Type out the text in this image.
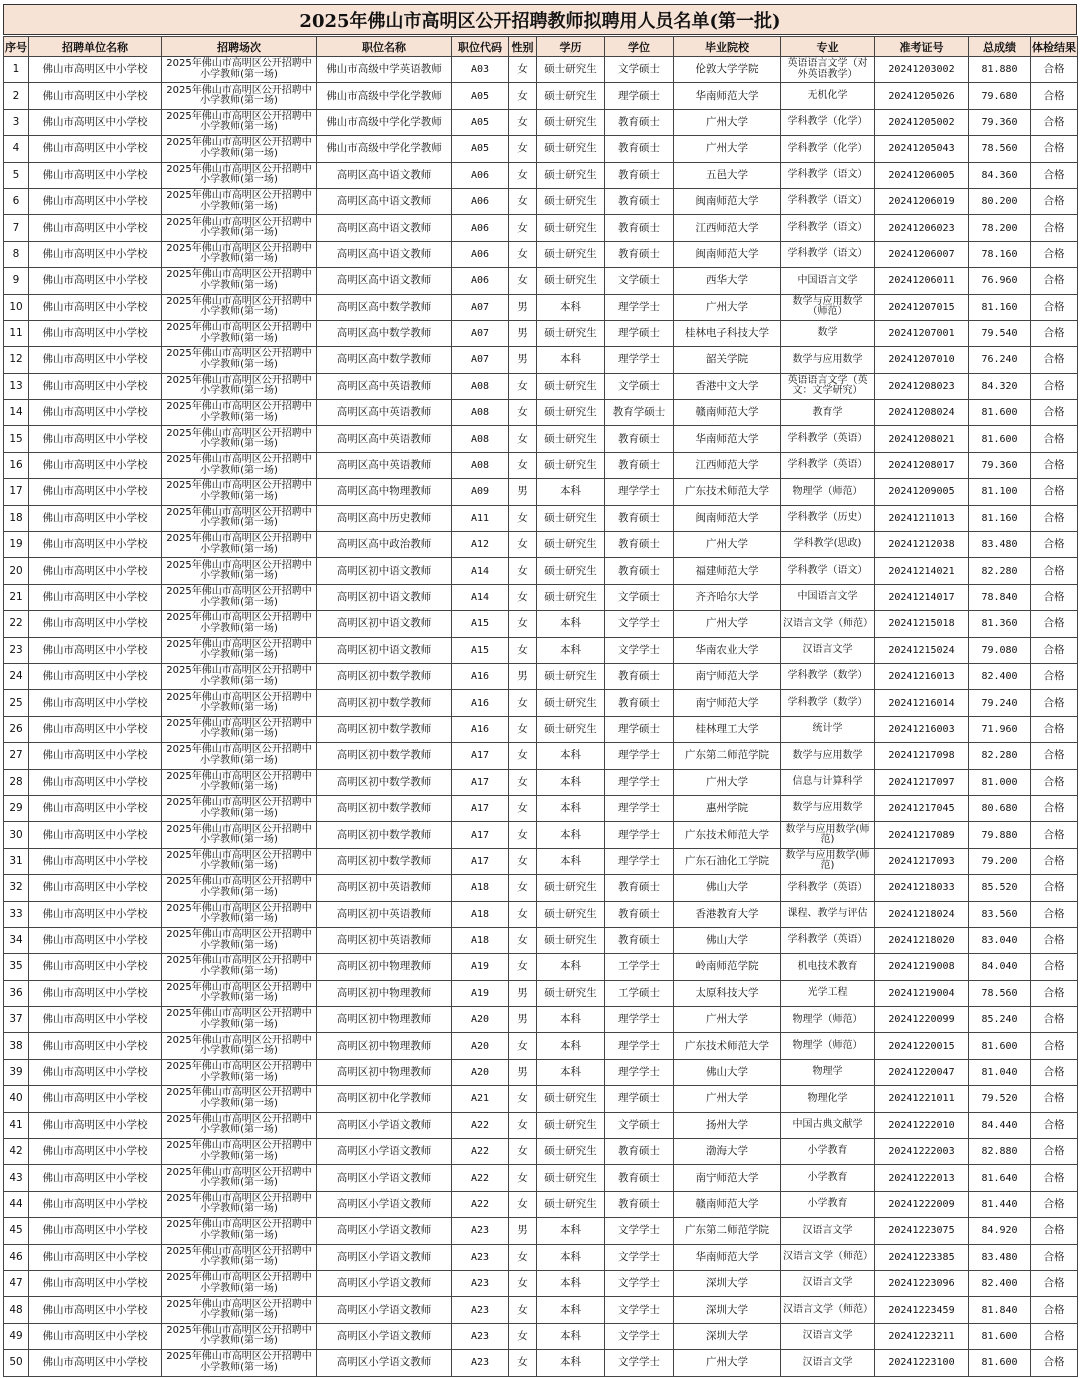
2025年佛山市高明区公开招聘教师拟聘用人员名单(第一批)
序号	招聘单位名称	招聘场次	职位名称	职位代码	性别	学历	学位	毕业院校	专业	准考证号	总成绩	体检结果
1	佛山市高明区中小学校	2025年佛山市高明区公开招聘中小学教师(第一场)	佛山市高级中学英语教师	A03	女	硕士研究生	文学硕士	伦敦大学学院	英语语言文学（对外英语教学）	20241203002	81.880	合格
2	佛山市高明区中小学校	2025年佛山市高明区公开招聘中小学教师(第一场)	佛山市高级中学化学教师	A05	女	硕士研究生	理学硕士	华南师范大学	无机化学	20241205026	79.680	合格
3	佛山市高明区中小学校	2025年佛山市高明区公开招聘中小学教师(第一场)	佛山市高级中学化学教师	A05	女	硕士研究生	教育硕士	广州大学	学科教学（化学）	20241205002	79.360	合格
4	佛山市高明区中小学校	2025年佛山市高明区公开招聘中小学教师(第一场)	佛山市高级中学化学教师	A05	女	硕士研究生	教育硕士	广州大学	学科教学（化学）	20241205043	78.560	合格
5	佛山市高明区中小学校	2025年佛山市高明区公开招聘中小学教师(第一场)	高明区高中语文教师	A06	女	硕士研究生	教育硕士	五邑大学	学科教学（语文）	20241206005	84.360	合格
6	佛山市高明区中小学校	2025年佛山市高明区公开招聘中小学教师(第一场)	高明区高中语文教师	A06	女	硕士研究生	教育硕士	闽南师范大学	学科教学（语文）	20241206019	80.200	合格
7	佛山市高明区中小学校	2025年佛山市高明区公开招聘中小学教师(第一场)	高明区高中语文教师	A06	女	硕士研究生	教育硕士	江西师范大学	学科教学（语文）	20241206023	78.200	合格
8	佛山市高明区中小学校	2025年佛山市高明区公开招聘中小学教师(第一场)	高明区高中语文教师	A06	女	硕士研究生	教育硕士	闽南师范大学	学科教学（语文）	20241206007	78.160	合格
9	佛山市高明区中小学校	2025年佛山市高明区公开招聘中小学教师(第一场)	高明区高中语文教师	A06	女	硕士研究生	文学硕士	西华大学	中国语言文学	20241206011	76.960	合格
10	佛山市高明区中小学校	2025年佛山市高明区公开招聘中小学教师(第一场)	高明区高中数学教师	A07	男	本科	理学学士	广州大学	数学与应用数学（师范）	20241207015	81.160	合格
11	佛山市高明区中小学校	2025年佛山市高明区公开招聘中小学教师(第一场)	高明区高中数学教师	A07	男	硕士研究生	理学硕士	桂林电子科技大学	数学	20241207001	79.540	合格
12	佛山市高明区中小学校	2025年佛山市高明区公开招聘中小学教师(第一场)	高明区高中数学教师	A07	男	本科	理学学士	韶关学院	数学与应用数学	20241207010	76.240	合格
13	佛山市高明区中小学校	2025年佛山市高明区公开招聘中小学教师(第一场)	高明区高中英语教师	A08	女	硕士研究生	文学硕士	香港中文大学	英语语言文学（英文：文学研究）	20241208023	84.320	合格
14	佛山市高明区中小学校	2025年佛山市高明区公开招聘中小学教师(第一场)	高明区高中英语教师	A08	女	硕士研究生	教育学硕士	赣南师范大学	教育学	20241208024	81.600	合格
15	佛山市高明区中小学校	2025年佛山市高明区公开招聘中小学教师(第一场)	高明区高中英语教师	A08	女	硕士研究生	教育硕士	华南师范大学	学科教学（英语）	20241208021	81.600	合格
16	佛山市高明区中小学校	2025年佛山市高明区公开招聘中小学教师(第一场)	高明区高中英语教师	A08	女	硕士研究生	教育硕士	江西师范大学	学科教学（英语）	20241208017	79.360	合格
17	佛山市高明区中小学校	2025年佛山市高明区公开招聘中小学教师(第一场)	高明区高中物理教师	A09	男	本科	理学学士	广东技术师范大学	物理学（师范）	20241209005	81.100	合格
18	佛山市高明区中小学校	2025年佛山市高明区公开招聘中小学教师(第一场)	高明区高中历史教师	A11	女	硕士研究生	教育硕士	闽南师范大学	学科教学（历史）	20241211013	81.160	合格
19	佛山市高明区中小学校	2025年佛山市高明区公开招聘中小学教师(第一场)	高明区高中政治教师	A12	女	硕士研究生	教育硕士	广州大学	学科教学(思政)	20241212038	83.480	合格
20	佛山市高明区中小学校	2025年佛山市高明区公开招聘中小学教师(第一场)	高明区初中语文教师	A14	女	硕士研究生	教育硕士	福建师范大学	学科教学（语文）	20241214021	82.280	合格
21	佛山市高明区中小学校	2025年佛山市高明区公开招聘中小学教师(第一场)	高明区初中语文教师	A14	女	硕士研究生	文学硕士	齐齐哈尔大学	中国语言文学	20241214017	78.840	合格
22	佛山市高明区中小学校	2025年佛山市高明区公开招聘中小学教师(第一场)	高明区初中语文教师	A15	女	本科	文学学士	广州大学	汉语言文学（师范）	20241215018	81.360	合格
23	佛山市高明区中小学校	2025年佛山市高明区公开招聘中小学教师(第一场)	高明区初中语文教师	A15	女	本科	文学学士	华南农业大学	汉语言文学	20241215024	79.080	合格
24	佛山市高明区中小学校	2025年佛山市高明区公开招聘中小学教师(第一场)	高明区初中数学教师	A16	男	硕士研究生	教育硕士	南宁师范大学	学科教学（数学）	20241216013	82.400	合格
25	佛山市高明区中小学校	2025年佛山市高明区公开招聘中小学教师(第一场)	高明区初中数学教师	A16	女	硕士研究生	教育硕士	南宁师范大学	学科教学（数学）	20241216014	79.240	合格
26	佛山市高明区中小学校	2025年佛山市高明区公开招聘中小学教师(第一场)	高明区初中数学教师	A16	女	硕士研究生	理学硕士	桂林理工大学	统计学	20241216003	71.960	合格
27	佛山市高明区中小学校	2025年佛山市高明区公开招聘中小学教师(第一场)	高明区初中数学教师	A17	女	本科	理学学士	广东第二师范学院	数学与应用数学	20241217098	82.280	合格
28	佛山市高明区中小学校	2025年佛山市高明区公开招聘中小学教师(第一场)	高明区初中数学教师	A17	女	本科	理学学士	广州大学	信息与计算科学	20241217097	81.000	合格
29	佛山市高明区中小学校	2025年佛山市高明区公开招聘中小学教师(第一场)	高明区初中数学教师	A17	女	本科	理学学士	惠州学院	数学与应用数学	20241217045	80.680	合格
30	佛山市高明区中小学校	2025年佛山市高明区公开招聘中小学教师(第一场)	高明区初中数学教师	A17	女	本科	理学学士	广东技术师范大学	数学与应用数学(师范)	20241217089	79.880	合格
31	佛山市高明区中小学校	2025年佛山市高明区公开招聘中小学教师(第一场)	高明区初中数学教师	A17	女	本科	理学学士	广东石油化工学院	数学与应用数学(师范)	20241217093	79.200	合格
32	佛山市高明区中小学校	2025年佛山市高明区公开招聘中小学教师(第一场)	高明区初中英语教师	A18	女	硕士研究生	教育硕士	佛山大学	学科教学（英语）	20241218033	85.520	合格
33	佛山市高明区中小学校	2025年佛山市高明区公开招聘中小学教师(第一场)	高明区初中英语教师	A18	女	硕士研究生	教育硕士	香港教育大学	课程、教学与评估	20241218024	83.560	合格
34	佛山市高明区中小学校	2025年佛山市高明区公开招聘中小学教师(第一场)	高明区初中英语教师	A18	女	硕士研究生	教育硕士	佛山大学	学科教学（英语）	20241218020	83.040	合格
35	佛山市高明区中小学校	2025年佛山市高明区公开招聘中小学教师(第一场)	高明区初中物理教师	A19	女	本科	工学学士	岭南师范学院	机电技术教育	20241219008	84.040	合格
36	佛山市高明区中小学校	2025年佛山市高明区公开招聘中小学教师(第一场)	高明区初中物理教师	A19	男	硕士研究生	工学硕士	太原科技大学	光学工程	20241219004	78.560	合格
37	佛山市高明区中小学校	2025年佛山市高明区公开招聘中小学教师(第一场)	高明区初中物理教师	A20	男	本科	理学学士	广州大学	物理学（师范）	20241220099	85.240	合格
38	佛山市高明区中小学校	2025年佛山市高明区公开招聘中小学教师(第一场)	高明区初中物理教师	A20	女	本科	理学学士	广东技术师范大学	物理学（师范）	20241220015	81.600	合格
39	佛山市高明区中小学校	2025年佛山市高明区公开招聘中小学教师(第一场)	高明区初中物理教师	A20	男	本科	理学学士	佛山大学	物理学	20241220047	81.040	合格
40	佛山市高明区中小学校	2025年佛山市高明区公开招聘中小学教师(第一场)	高明区初中化学教师	A21	女	硕士研究生	理学硕士	广州大学	物理化学	20241221011	79.520	合格
41	佛山市高明区中小学校	2025年佛山市高明区公开招聘中小学教师(第一场)	高明区小学语文教师	A22	女	硕士研究生	文学硕士	扬州大学	中国古典文献学	20241222010	84.440	合格
42	佛山市高明区中小学校	2025年佛山市高明区公开招聘中小学教师(第一场)	高明区小学语文教师	A22	女	硕士研究生	教育硕士	渤海大学	小学教育	20241222003	82.880	合格
43	佛山市高明区中小学校	2025年佛山市高明区公开招聘中小学教师(第一场)	高明区小学语文教师	A22	女	硕士研究生	教育硕士	南宁师范大学	小学教育	20241222013	81.640	合格
44	佛山市高明区中小学校	2025年佛山市高明区公开招聘中小学教师(第一场)	高明区小学语文教师	A22	女	硕士研究生	教育硕士	赣南师范大学	小学教育	20241222009	81.440	合格
45	佛山市高明区中小学校	2025年佛山市高明区公开招聘中小学教师(第一场)	高明区小学语文教师	A23	男	本科	文学学士	广东第二师范学院	汉语言文学	20241223075	84.920	合格
46	佛山市高明区中小学校	2025年佛山市高明区公开招聘中小学教师(第一场)	高明区小学语文教师	A23	女	本科	文学学士	华南师范大学	汉语言文学（师范）	20241223385	83.480	合格
47	佛山市高明区中小学校	2025年佛山市高明区公开招聘中小学教师(第一场)	高明区小学语文教师	A23	女	本科	文学学士	深圳大学	汉语言文学	20241223096	82.400	合格
48	佛山市高明区中小学校	2025年佛山市高明区公开招聘中小学教师(第一场)	高明区小学语文教师	A23	女	本科	文学学士	深圳大学	汉语言文学（师范）	20241223459	81.840	合格
49	佛山市高明区中小学校	2025年佛山市高明区公开招聘中小学教师(第一场)	高明区小学语文教师	A23	女	本科	文学学士	深圳大学	汉语言文学	20241223211	81.600	合格
50	佛山市高明区中小学校	2025年佛山市高明区公开招聘中小学教师(第一场)	高明区小学语文教师	A23	女	本科	文学学士	广州大学	汉语言文学	20241223100	81.600	合格
